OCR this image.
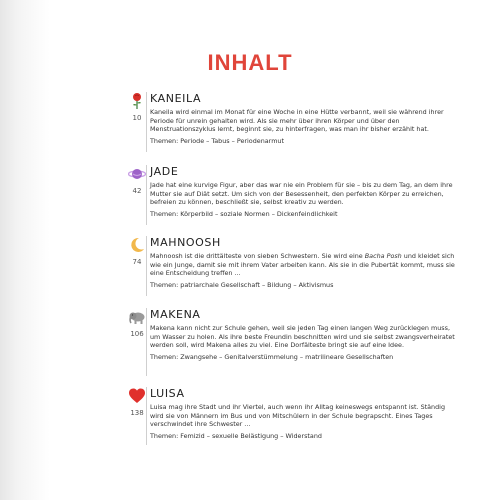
INHALT
10
KANEILA
Kaneila wird einmal im Monat für eine Woche in eine Hütte verbannt, weil sie während ihrer Periode für unrein gehalten wird. Als sie mehr über ihren Körper und über den Menstruationszyklus lernt, beginnt sie, zu hinterfragen, was man ihr bisher erzählt hat.
Themen: Periode – Tabus – Periodenarmut
42
JADE
Jade hat eine kurvige Figur, aber das war nie ein Problem für sie – bis zu dem Tag, an dem ihre Mutter sie auf Diät setzt. Um sich von der Besessenheit, den perfekten Körper zu erreichen, befreien zu können, beschließt sie, selbst kreativ zu werden.
Themen: Körperbild – soziale Normen – Dickenfeindlichkeit
74
MAHNOOSH
Mahnoosh ist die drittälteste von sieben Schwestern. Sie wird eine Bacha Posh und kleidet sich wie ein Junge, damit sie mit ihrem Vater arbeiten kann. Als sie in die Pubertät kommt, muss sie eine Entscheidung treffen ...
Themen: patriarchale Gesellschaft – Bildung – Aktivismus
106
MAKENA
Makena kann nicht zur Schule gehen, weil sie jeden Tag einen langen Weg zurücklegen muss, um Wasser zu holen. Als ihre beste Freundin beschnitten wird und sie selbst zwangsverheiratet werden soll, wird Makena alles zu viel. Eine Dorfälteste bringt sie auf eine Idee.
Themen: Zwangsehe – Genitalverstümmelung – matrilineare Gesellschaften
138
LUISA
Luisa mag ihre Stadt und ihr Viertel, auch wenn ihr Alltag keineswegs entspannt ist. Ständig wird sie von Männern im Bus und von Mitschülern in der Schule begrapscht. Eines Tages verschwindet ihre Schwester ...
Themen: Femizid – sexuelle Belästigung – Widerstand
